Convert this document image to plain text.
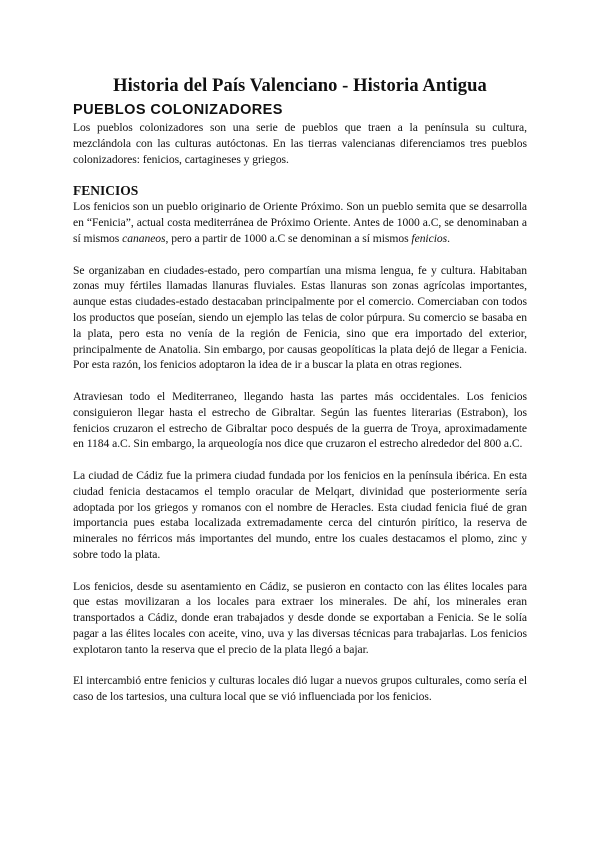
Historia del País Valenciano - Historia Antigua
PUEBLOS COLONIZADORES

Los pueblos colonizadores son una serie de pueblos que traen a la península su cultura, mezclándola con las culturas autóctonas. En las tierras valencianas diferenciamos tres pueblos colonizadores: fenicios, cartagineses y griegos.

FENICIOS

Los fenicios son un pueblo originario de Oriente Próximo. Son un pueblo semita que se desarrolla en “Fenicia”, actual costa mediterránea de Próximo Oriente. Antes de 1000 a.C, se denominaban a sí mismos cananeos, pero a partir de 1000 a.C se denominan a sí mismos fenicios.

Se organizaban en ciudades-estado, pero compartían una misma lengua, fe y cultura. Habitaban zonas muy fértiles llamadas llanuras fluviales. Estas llanuras son zonas agrícolas importantes, aunque estas ciudades-estado destacaban principalmente por el comercio. Comerciaban con todos los productos que poseían, siendo un ejemplo las telas de color púrpura. Su comercio se basaba en la plata, pero esta no venía de la región de Fenicia, sino que era importado del exterior, principalmente de Anatolia. Sin embargo, por causas geopolíticas la plata dejó de llegar a Fenicia. Por esta razón, los fenicios adoptaron la idea de ir a buscar la plata en otras regiones.

Atraviesan todo el Mediterraneo, llegando hasta las partes más occidentales. Los fenicios consiguieron llegar hasta el estrecho de Gibraltar. Según las fuentes literarias (Estrabon), los fenicios cruzaron el estrecho de Gibraltar poco después de la guerra de Troya, aproximadamente en 1184 a.C. Sin embargo, la arqueología nos dice que cruzaron el estrecho alrededor del 800 a.C.

La ciudad de Cádiz fue la primera ciudad fundada por los fenicios en la península ibérica. En esta ciudad fenicia destacamos el templo oracular de Melqart, divinidad que posteriormente sería adoptada por los griegos y romanos con el nombre de Heracles. Esta ciudad fenicia fiué de gran importancia pues estaba localizada extremadamente cerca del cinturón pirítico, la reserva de minerales no férricos más importantes del mundo, entre los cuales destacamos el plomo, zinc y sobre todo la plata.

Los fenicios, desde su asentamiento en Cádiz, se pusieron en contacto con las élites locales para que estas movilizaran a los locales para extraer los minerales. De ahí, los minerales eran transportados a Cádiz, donde eran trabajados y desde donde se exportaban a Fenicia. Se le solía pagar a las élites locales con aceite, vino, uva y las diversas técnicas para trabajarlas. Los fenicios explotaron tanto la reserva que el precio de la plata llegó a bajar.

El intercambió entre fenicios y culturas locales dió lugar a nuevos grupos culturales, como sería el caso de los tartesios, una cultura local que se vió influenciada por los fenicios.
